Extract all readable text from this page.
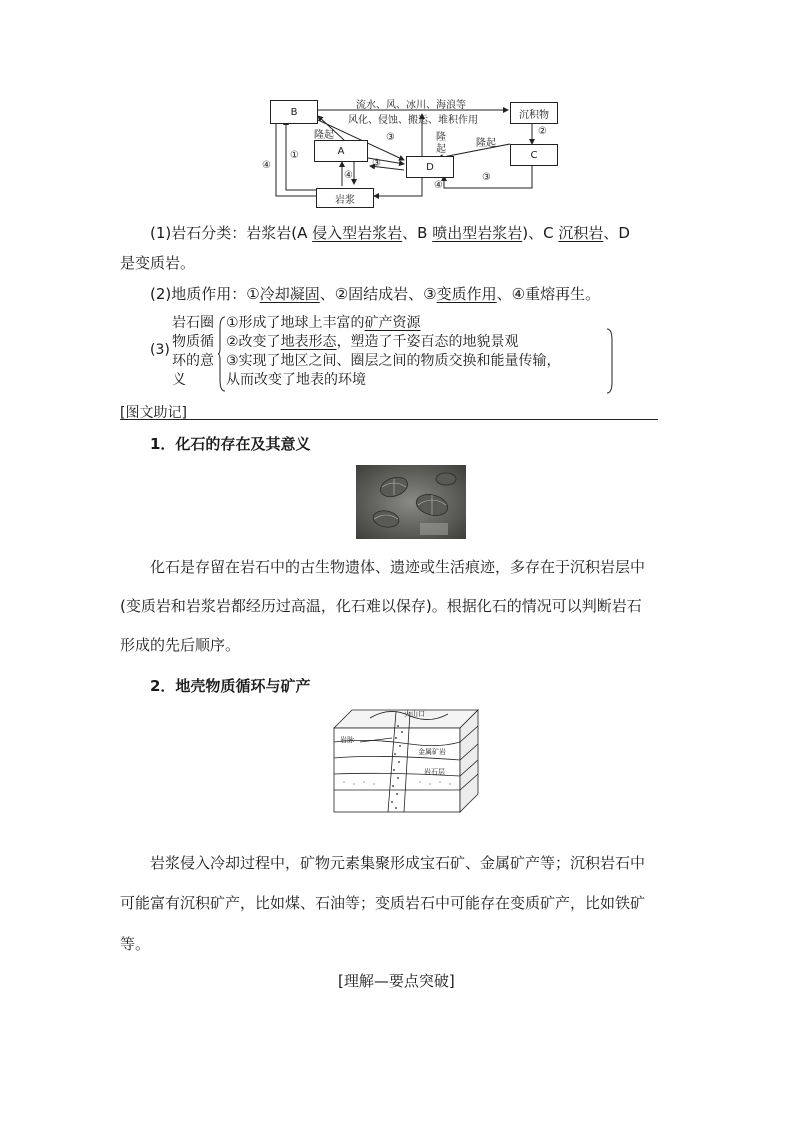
B
A
D
沉积物
C
岩浆
流水、风、冰川、海浪等
风化、侵蚀、搬运、堆积作用
隆起	隆起
隆起
①
②
③
③
③
④
④
④
(1)岩石分类：岩浆岩(A 侵入型岩浆岩、B 喷出型岩浆岩)、C 沉积岩、D
是变质岩。
(2)地质作用：①冷却凝固、②固结成岩、③变质作用、④重熔再生。
(3)
岩石圈
物质循
环的意
义
①形成了地球上丰富的矿产资源
②改变了地表形态，塑造了千姿百态的地貌景观
③实现了地区之间、圈层之间的物质交换和能量传输，
从而改变了地表的环境
[图文助记]
1．化石的存在及其意义
化石是存留在岩石中的古生物遗体、遗迹或生活痕迹，多存在于沉积岩层中
(变质岩和岩浆岩都经历过高温，化石难以保存)。根据化石的情况可以判断岩石
形成的先后顺序。
2．地壳物质循环与矿产
火山口
岩脉
金属矿岩
岩石层
岩浆侵入冷却过程中，矿物元素集聚形成宝石矿、金属矿产等；沉积岩石中
可能富有沉积矿产，比如煤、石油等；变质岩石中可能存在变质矿产，比如铁矿
等。
[理解—要点突破]
